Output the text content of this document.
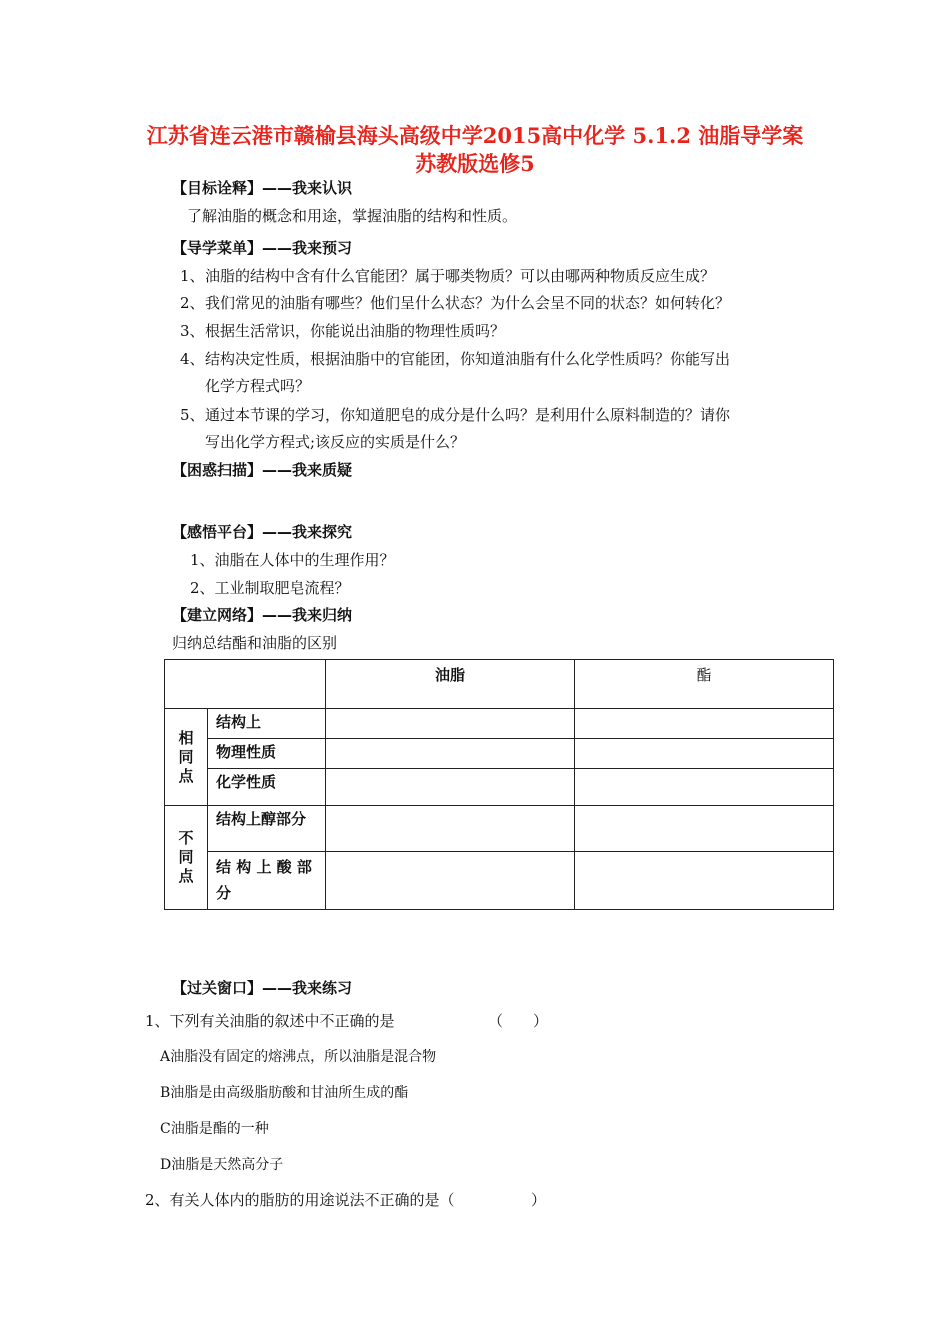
江苏省连云港市赣榆县海头高级中学2015高中化学 5.1.2 油脂导学案 苏教版选修5
【目标诠释】——我来认识
了解油脂的概念和用途，掌握油脂的结构和性质。
【导学菜单】——我来预习
1、 油脂的结构中含有什么官能团？属于哪类物质？可以由哪两种物质反应生成？
2、 我们常见的油脂有哪些？他们呈什么状态？为什么会呈不同的状态？如何转化？
3、 根据生活常识，你能说出油脂的物理性质吗？
4、 结构决定性质，根据油脂中的官能团，你知道油脂有什么化学性质吗？你能写出
化学方程式吗？
5、 通过本节课的学习，你知道肥皂的成分是什么吗？是利用什么原料制造的？请你
写出化学方程式;该反应的实质是什么？
【困惑扫描】——我来质疑
【感悟平台】——我来探究
1、油脂在人体中的生理作用？
2、工业制取肥皂流程？
【建立网络】——我来归纳
归纳总结酯和油脂的区别
		油脂	酯

相
同
点	结构上		
	物理性质		
	化学性质		

不
同
点	结构上醇部分		
	结 构 上 酸 部
分		
【过关窗口】——我来练习
1、下列有关油脂的叙述中不正确的是	（　　）
A油脂没有固定的熔沸点，所以油脂是混合物
B油脂是由高级脂肪酸和甘油所生成的酯
C油脂是酯的一种
D油脂是天然高分子
2、有关人体内的脂肪的用途说法不正确的是（	）
